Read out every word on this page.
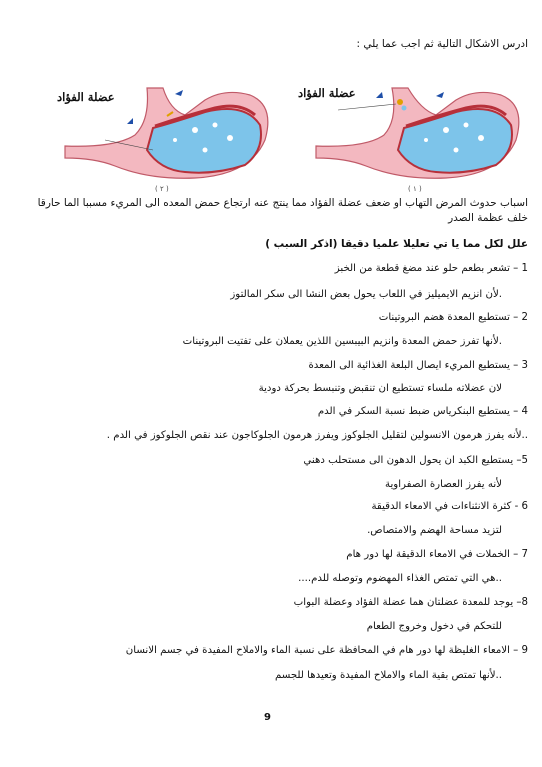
ادرس الاشكال التالية ثم اجب عما يلي :
عضلة الفؤاد
( ٢ )
عضلة الفؤاد
( ١ )
اسباب حدوث المرض التهاب او ضعف عضلة الفؤاد مما ينتج عنه ارتجاع حمض المعده الى المريء مسببا الما حارقا خلف عظمة الصدر
علل لكل مما يا تي تعليلا علميا دقيقا (اذكر السبب )
1 – تشعر بطعم حلو عند مضغ قطعة من الخبز
.لأن انزيم الايميليز في اللعاب يحول بعض النشا الى سكر المالتوز
2 – تستطيع المعدة هضم البروتينات
.لأنها تفرز حمض المعدة وانزيم البيبسين اللذين يعملان على تفتيت البروتينات
3 – يستطيع المريء ايصال البلعة الغذائية الى المعدة
لان عضلاته ملساء تستطيع ان تنقبض وتنبسط بحركة دودية
4 – يستطيع البنكرياس ضبط نسبة السكر في الدم
..لأنه يفرز هرمون الانسولين لتقليل الجلوكوز ويفرز هرمون الجلوكاجون عند نقص الجلوكوز في الدم .
5– يستطيع الكبد ان يحول الدهون الى مستحلب دهني
لأنه يفرز العصارة الصفراوية
6 - كثرة الانثناءات في الامعاء الدقيقة
لتزيد مساحة الهضم والامتصاص.
7 – الخملات في الامعاء الدقيقة لها دور هام
..هي التي تمتص الغذاء المهضوم وتوصله للدم....
8– يوجد للمعدة عضلتان هما عضلة الفؤاد وعضلة البواب
للتحكم في دخول وخروج الطعام
9 – الامعاء الغليظة لها دور هام في المحافظة على نسبة الماء والاملاح المفيدة في جسم الانسان
..لأنها تمتص بقية الماء والاملاح المفيدة وتعيدها للجسم
9
